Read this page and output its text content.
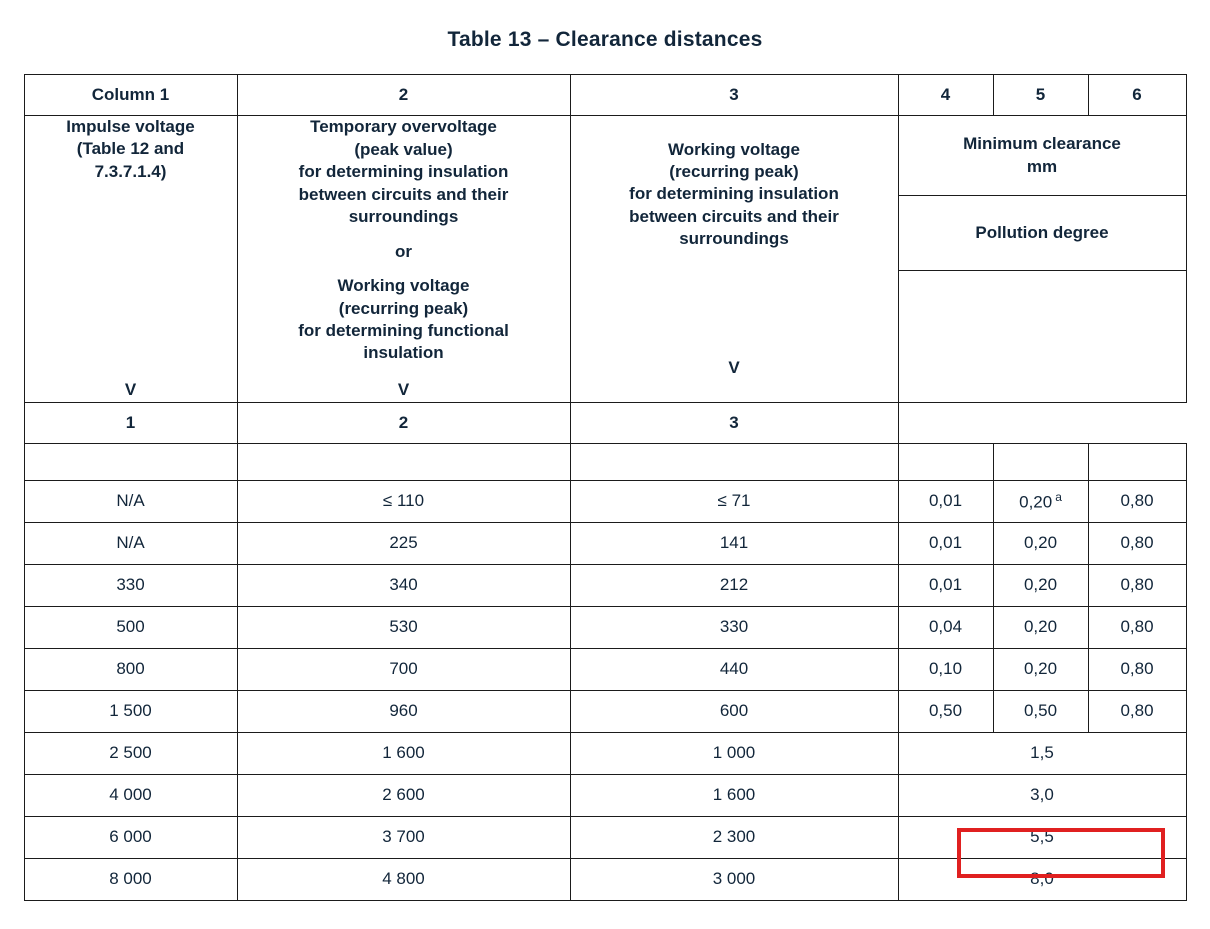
Table 13 – Clearance distances
Column 1	2	3	4	5	6

Impulse voltage
(Table 12 and
7.3.7.1.4)
V

Temporary overvoltage
(peak value)
for determining insulation
between circuits and their
surroundings
or
Working voltage
(recurring peak)
for determining functional
insulation
V

Working voltage
(recurring peak)
for determining insulation
between circuits and their
surroundings
V

Minimum clearance
mm

			Pollution degree		

1	2	3			

N/A	≤ 110	≤ 71	0,01	0,20 $^a$	0,80
N/A	225	141	0,01	0,20	0,80
330	340	212	0,01	0,20	0,80
500	530	330	0,04	0,20	0,80
800	700	440	0,10	0,20	0,80
1 500	960	600	0,50	0,50	0,80
2 500	1 600	1 000	1,5		
4 000	2 600	1 600	3,0		
6 000	3 700	2 300	5,5		
8 000	4 800	3 000	8,0		
